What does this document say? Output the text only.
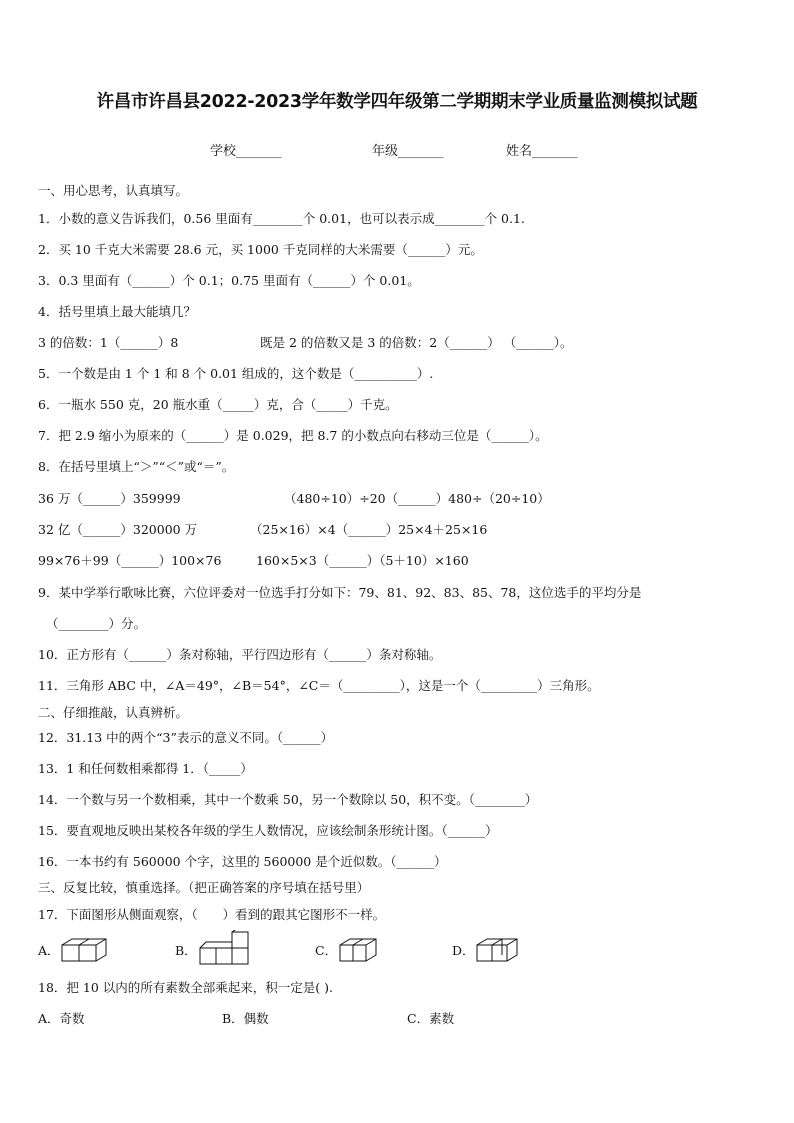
许昌市许昌县2022-2023学年数学四年级第二学期期末学业质量监测模拟试题
学校_______	年级_______	姓名_______
一、用心思考，认真填写。
1．小数的意义告诉我们，0.56 里面有________个 0.01，也可以表示成________个 0.1.
2．买 10 千克大米需要 28.6 元，买 1000 千克同样的大米需要（______）元。
3．0.3 里面有（______）个 0.1；0.75 里面有（______）个 0.01。
4．括号里填上最大能填几？
3 的倍数：1（______）8	既是 2 的倍数又是 3 的倍数：2（______） （______）。
5．一个数是由 1 个 1 和 8 个 0.01 组成的，这个数是（__________）.
6．一瓶水 550 克，20 瓶水重（_____）克，合（_____）千克。
7．把 2.9 缩小为原来的（______）是 0.029，把 8.7 的小数点向右移动三位是（______）。
8．在括号里填上“＞”“＜”或“＝”。
36 万（______）359999	（480÷10）÷20（______）480÷（20÷10）
32 亿（______）320000 万	（25×16）×4（______）25×4＋25×16
99×76＋99（______）100×76	160×5×3（______）（5＋10）×160
9．某中学举行歌咏比赛，六位评委对一位选手打分如下：79、81、92、83、85、78，这位选手的平均分是
（________）分。
10．正方形有（______）条对称轴，平行四边形有（______）条对称轴。
11．三角形 ABC 中，∠A＝49°，∠B＝54°，∠C＝（_________），这是一个（_________）三角形。
二、仔细推敲，认真辨析。
12．31.13 中的两个“3”表示的意义不同。（______）
13．1 和任何数相乘都得 1．（_____）
14．一个数与另一个数相乘，其中一个数乘 50，另一个数除以 50，积不变。（________）
15．要直观地反映出某校各年级的学生人数情况，应该绘制条形统计图。（______）
16．一本书约有 560000 个字，这里的 560000 是个近似数。（______）
三、反复比较，慎重选择。（把正确答案的序号填在括号里）
17．下面图形从侧面观察，（　　）看到的跟其它图形不一样。
A．	B．	C．	D．
18．把 10 以内的所有素数全部乘起来，积一定是( ).
A．奇数	B．偶数	C．素数
